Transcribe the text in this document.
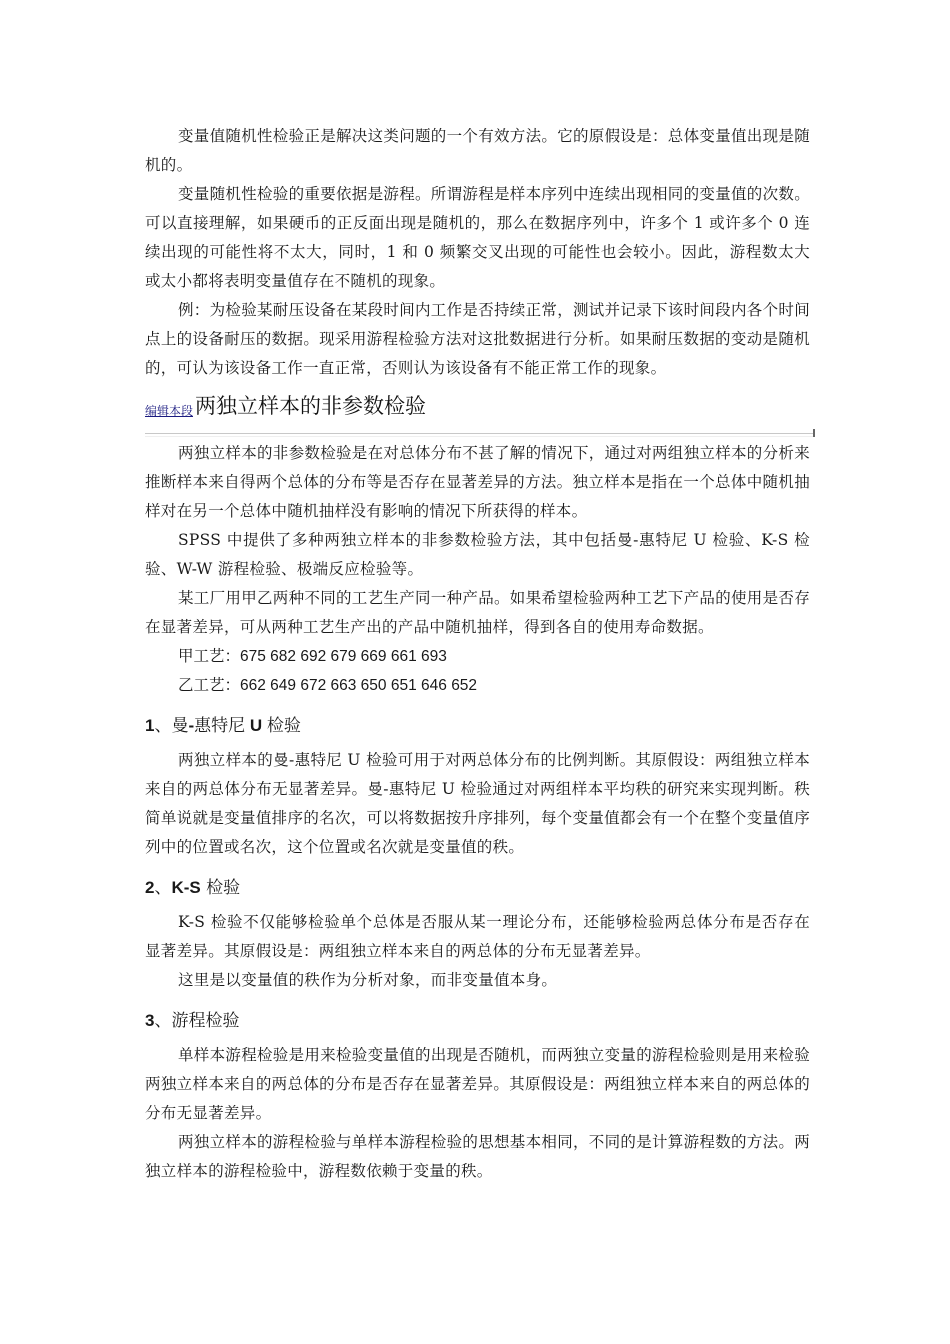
变量值随机性检验正是解决这类问题的一个有效方法。它的原假设是：总体变量值出现是随机的。

变量随机性检验的重要依据是游程。所谓游程是样本序列中连续出现相同的变量值的次数。可以直接理解，如果硬币的正反面出现是随机的，那么在数据序列中，许多个 1 或许多个 0 连续出现的可能性将不太大，同时，1 和 0 频繁交叉出现的可能性也会较小。因此，游程数太大或太小都将表明变量值存在不随机的现象。

例：为检验某耐压设备在某段时间内工作是否持续正常，测试并记录下该时间段内各个时间点上的设备耐压的数据。现采用游程检验方法对这批数据进行分析。如果耐压数据的变动是随机的，可认为该设备工作一直正常，否则认为该设备有不能正常工作的现象。

编辑本段 两独立样本的非参数检验

两独立样本的非参数检验是在对总体分布不甚了解的情况下，通过对两组独立样本的分析来推断样本来自得两个总体的分布等是否存在显著差异的方法。独立样本是指在一个总体中随机抽样对在另一个总体中随机抽样没有影响的情况下所获得的样本。

SPSS 中提供了多种两独立样本的非参数检验方法，其中包括曼-惠特尼 U 检验、K-S 检验、W-W 游程检验、极端反应检验等。

某工厂用甲乙两种不同的工艺生产同一种产品。如果希望检验两种工艺下产品的使用是否存在显著差异，可从两种工艺生产出的产品中随机抽样，得到各自的使用寿命数据。

甲工艺：675 682 692 679 669 661 693
乙工艺：662 649 672 663 650 651 646 652
1、曼-惠特尼 U 检验

两独立样本的曼-惠特尼 U 检验可用于对两总体分布的比例判断。其原假设：两组独立样本来自的两总体分布无显著差异。曼-惠特尼 U 检验通过对两组样本平均秩的研究来实现判断。秩简单说就是变量值排序的名次，可以将数据按升序排列，每个变量值都会有一个在整个变量值序列中的位置或名次，这个位置或名次就是变量值的秩。

2、K-S 检验

K-S 检验不仅能够检验单个总体是否服从某一理论分布，还能够检验两总体分布是否存在显著差异。其原假设是：两组独立样本来自的两总体的分布无显著差异。

这里是以变量值的秩作为分析对象，而非变量值本身。

3、游程检验

单样本游程检验是用来检验变量值的出现是否随机，而两独立变量的游程检验则是用来检验两独立样本来自的两总体的分布是否存在显著差异。其原假设是：两组独立样本来自的两总体的分布无显著差异。

两独立样本的游程检验与单样本游程检验的思想基本相同，不同的是计算游程数的方法。两独立样本的游程检验中，游程数依赖于变量的秩。
